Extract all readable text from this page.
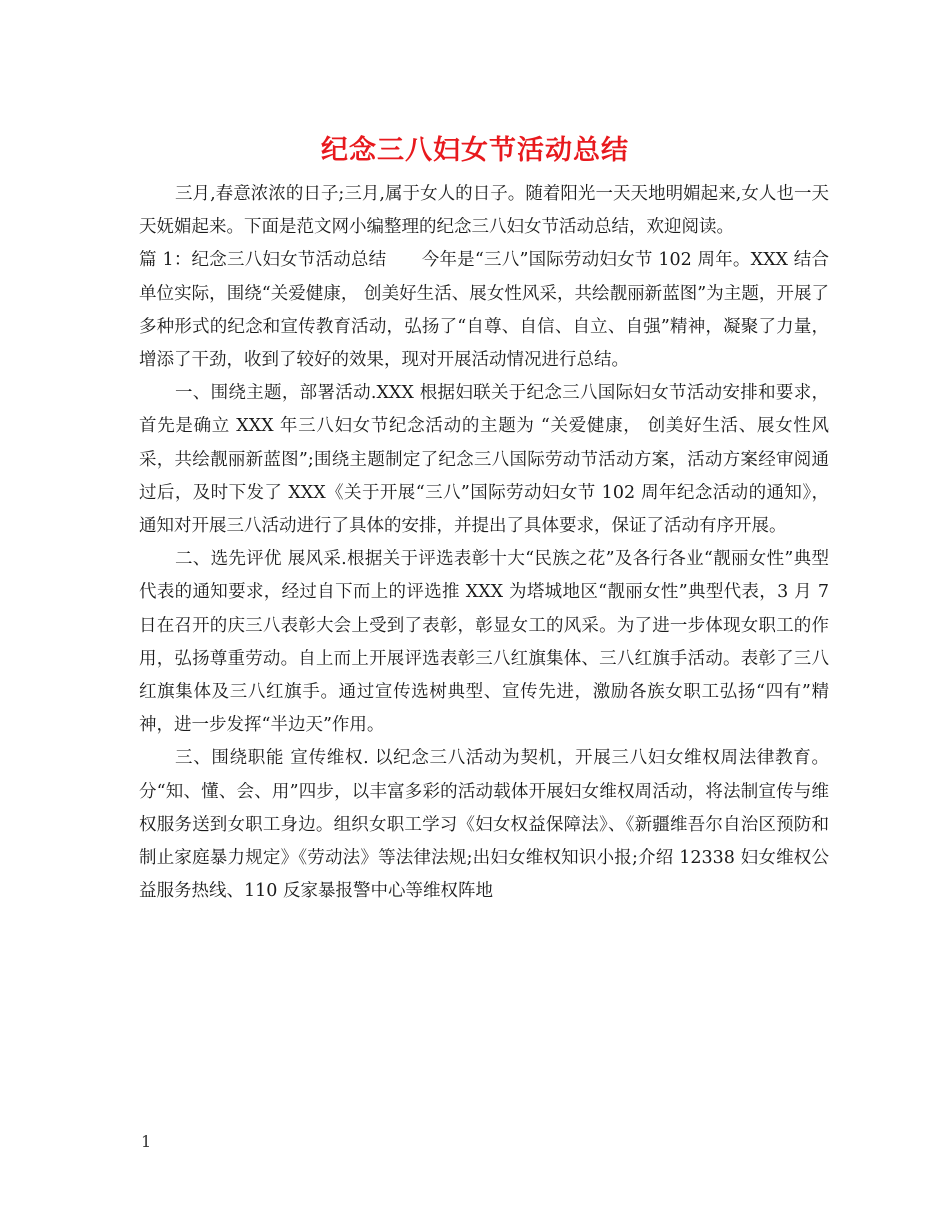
纪念三八妇女节活动总结

三月,春意浓浓的日子;三月,属于女人的日子。随着阳光一天天地明媚起来,女人也一天天妩媚起来。下面是范文网小编整理的纪念三八妇女节活动总结，欢迎阅读。

篇 1：纪念三八妇女节活动总结　　今年是“三八”国际劳动妇女节 102 周年。XXX 结合单位实际，围绕“关爱健康， 创美好生活、展女性风采，共绘靓丽新蓝图”为主题，开展了多种形式的纪念和宣传教育活动，弘扬了“自尊、自信、自立、自强”精神，凝聚了力量，增添了干劲，收到了较好的效果，现对开展活动情况进行总结。

一、围绕主题，部署活动.XXX 根据妇联关于纪念三八国际妇女节活动安排和要求，首先是确立 XXX 年三八妇女节纪念活动的主题为 “关爱健康， 创美好生活、展女性风采，共绘靓丽新蓝图”;围绕主题制定了纪念三八国际劳动节活动方案，活动方案经审阅通过后，及时下发了 XXX《关于开展“三八”国际劳动妇女节 102 周年纪念活动的通知》，通知对开展三八活动进行了具体的安排，并提出了具体要求，保证了活动有序开展。

二、选先评优 展风采.根据关于评选表彰十大“民族之花”及各行各业“靓丽女性”典型代表的通知要求，经过自下而上的评选推 XXX 为塔城地区“靓丽女性”典型代表，3 月 7 日在召开的庆三八表彰大会上受到了表彰，彰显女工的风采。为了进一步体现女职工的作用，弘扬尊重劳动。自上而上开展评选表彰三八红旗集体、三八红旗手活动。表彰了三八红旗集体及三八红旗手。通过宣传选树典型、宣传先进，激励各族女职工弘扬“四有”精神，进一步发挥“半边天”作用。

三、围绕职能 宣传维权. 以纪念三八活动为契机，开展三八妇女维权周法律教育。分“知、懂、会、用”四步，以丰富多彩的活动载体开展妇女维权周活动，将法制宣传与维权服务送到女职工身边。组织女职工学习《妇女权益保障法》、《新疆维吾尔自治区预防和制止家庭暴力规定》《劳动法》等法律法规;出妇女维权知识小报;介绍 12338 妇女维权公益服务热线、110 反家暴报警中心等维权阵地

1
